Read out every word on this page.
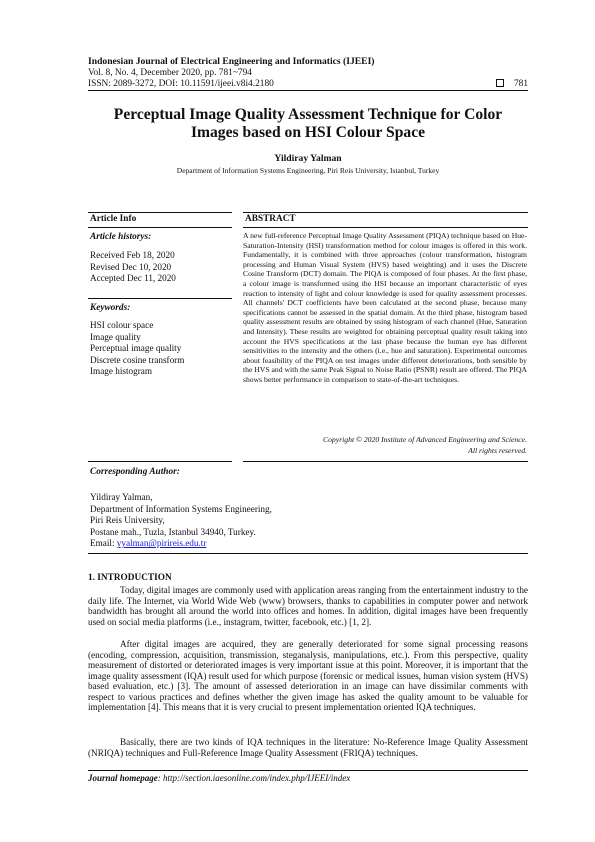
Indonesian Journal of Electrical Engineering and Informatics (IJEEI)
Vol. 8, No. 4, December 2020, pp. 781~794
ISSN: 2089-3272, DOI: 10.11591/ijeei.v8i4.2180	781
Perceptual Image Quality Assessment Technique for Color
Images based on HSI Colour Space
Yildiray Yalman
Department of Information Systems Engineering, Piri Reis University, Istanbul, Turkey
Article Info	ABSTRACT
Article historys:
Received Feb 18, 2020
Revised Dec 10, 2020
Accepted Dec 11, 2020
Keywords:
HSI colour space
Image quality
Perceptual image quality
Discrete cosine transform
Image histogram
A new full-reference Perceptual Image Quality Assessment (PIQA) technique based on Hue-Saturation-Intensity (HSI) transformation method for colour images is offered in this work. Fundamentally, it is combined with three approaches (colour transformation, histogram processing and Human Visual System (HVS) based weighting) and it uses the Discrete Cosine Transform (DCT) domain. The PIQA is composed of four phases. At the first phase, a colour image is transformed using the HSI because an important characteristic of eyes reaction to intensity of light and colour knowledge is used for quality assessment processes. All channels' DCT coefficients have been calculated at the second phase, because many specifications cannot be assessed in the spatial domain. At the third phase, histogram based quality assessment results are obtained by using histogram of each channel (Hue, Saturation and Intensity). These results are weighted for obtaining perceptual quality result taking into account the HVS specifications at the last phase because the human eye has different sensitivities to the intensity and the others (i.e., hue and saturation). Experimental outcomes about feasibility of the PIQA on test images under different deteriorations, both sensible by the HVS and with the same Peak Signal to Noise Ratio (PSNR) result are offered. The PIQA shows better performance in comparison to state-of-the-art techniques.
Copyright © 2020 Institute of Advanced Engineering and Science.
All rights reserved.
Corresponding Author:
Yildiray Yalman,
Department of Information Systems Engineering,
Piri Reis University,
Postane mah., Tuzla, Istanbul 34940, Turkey.
Email: yyalman@pirireis.edu.tr
1. INTRODUCTION
Today, digital images are commonly used with application areas ranging from the entertainment industry to the daily life. The Internet, via World Wide Web (www) browsers, thanks to capabilities in computer power and network bandwidth has brought all around the world into offices and homes. In addition, digital images have been frequently used on social media platforms (i.e., instagram, twitter, facebook, etc.) [1, 2].
After digital images are acquired, they are generally deteriorated for some signal processing reasons (encoding, compression, acquisition, transmission, steganalysis, manipulations, etc.). From this perspective, quality measurement of distorted or deteriorated images is very important issue at this point. Moreover, it is important that the image quality assessment (IQA) result used for which purpose (forensic or medical issues, human vision system (HVS) based evaluation, etc.) [3]. The amount of assessed deterioration in an image can have dissimilar comments with respect to various practices and defines whether the given image has asked the quality amount to be valuable for implementation [4]. This means that it is very crucial to present implementation oriented IQA techniques.
Basically, there are two kinds of IQA techniques in the literature: No-Reference Image Quality Assessment (NRIQA) techniques and Full-Reference Image Quality Assessment (FRIQA) techniques.
Journal homepage: http://section.iaesonline.com/index.php/IJEEI/index
